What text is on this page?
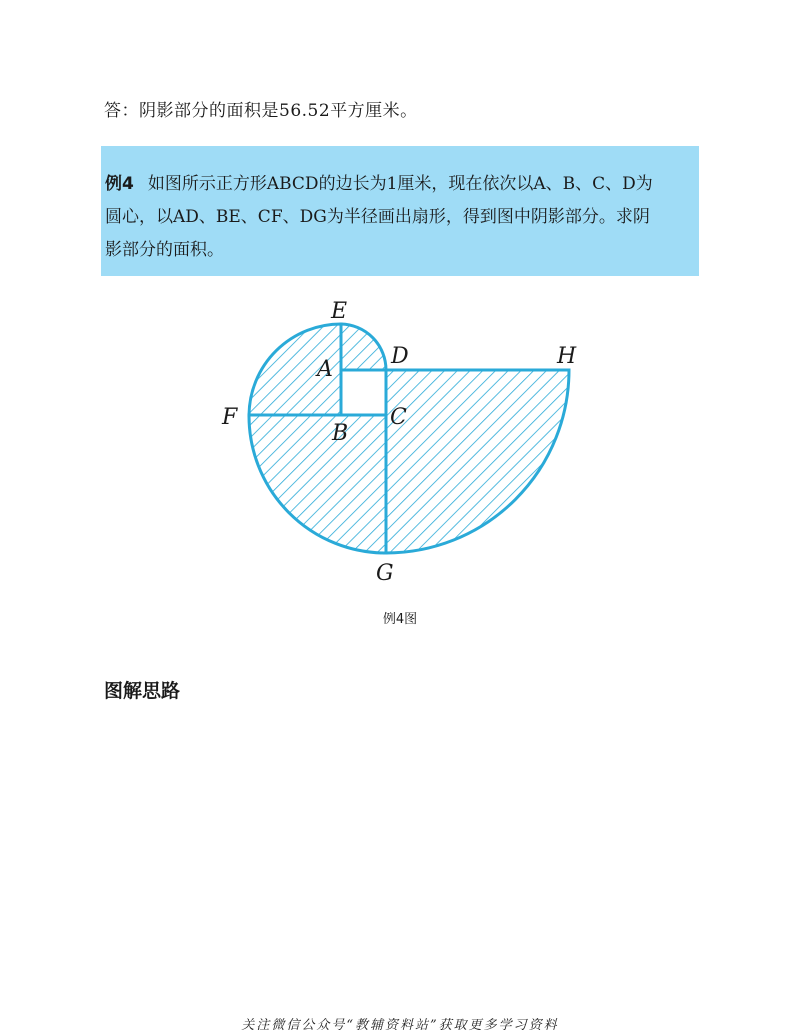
答：阴影部分的面积是56.52平方厘米。
例4 如图所示正方形ABCD的边长为1厘米，现在依次以A、B、C、D为
圆心，以AD、BE、CF、DG为半径画出扇形，得到图中阴影部分。求阴
影部分的面积。
E
D	H
A
F	C
B
G
例4图
图解思路
关注微信公众号“教辅资料站”获取更多学习资料
